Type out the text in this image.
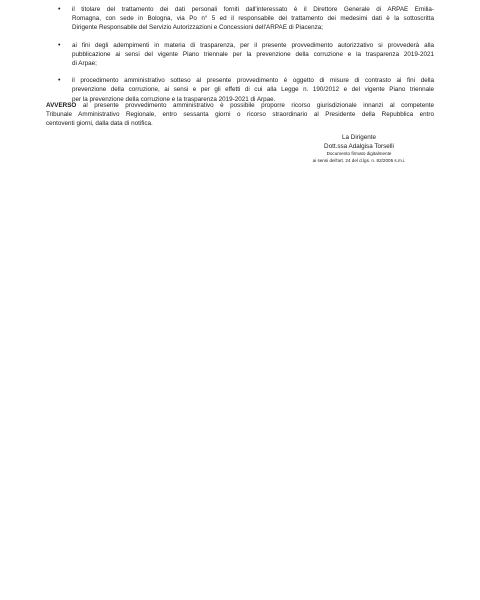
• il titolare del trattamento dei dati personali forniti dall'interessato è il Direttore Generale di ARPAE Emilia-
Romagna, con sede in Bologna, via Po n° 5 ed il responsabile del trattamento dei medesimi dati è la sottoscritta
Dirigente Responsabile del Servizio Autorizzazioni e Concessioni dell'ARPAE di Piacenza;
• ai fini degli adempimenti in materia di trasparenza, per il presente provvedimento autorizzativo si provvederà alla
pubblicazione ai sensi del vigente Piano triennale per la prevenzione della corruzione e la trasparenza 2019-2021
di Arpae;
• il procedimento amministrativo sotteso al presente provvedimento è oggetto di misure di contrasto ai fini della
prevenzione della corruzione, ai sensi e per gli effetti di cui alla Legge n. 190/2012 e del vigente Piano triennale
per la prevenzione della corruzione e la trasparenza 2019-2021 di Arpae.

AVVERSO al presente provvedimento amministrativo è possibile proporre ricorso giurisdizionale innanzi al competente
Tribunale Amministrativo Regionale, entro sessanta giorni o ricorso straordinario al Presidente della Repubblica entro
centoventi giorni, dalla data di notifica.

La Dirigente
Dott.ssa Adalgisa Torselli
Documento firmato digitalmente
ai sensi dell'art. 24 del d.lgs. n. 82/2005 s.m.i.
